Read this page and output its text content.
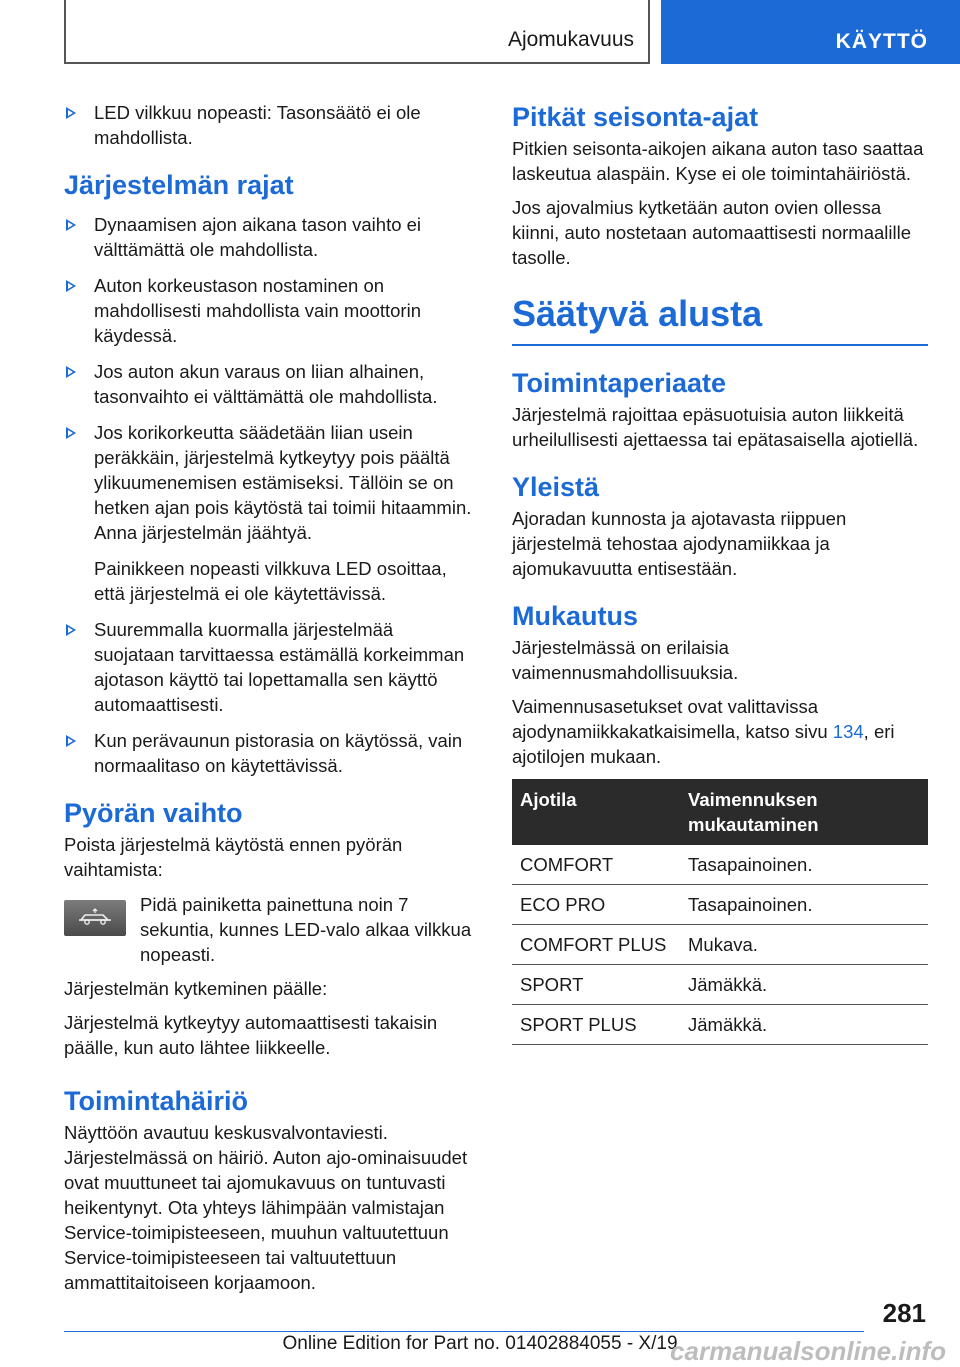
Ajomukavuus	KÄYTTÖ

LED vilkkuu nopeasti: Tasonsäätö ei ole mahdollista.

Järjestelmän rajat

Dynaamisen ajon aikana tason vaihto ei välttämättä ole mahdollista.

Auton korkeustason nostaminen on mahdollisesti mahdollista vain moottorin käydessä.

Jos auton akun varaus on liian alhainen, tasonvaihto ei välttämättä ole mahdollista.

Jos korikorkeutta säädetään liian usein peräkkäin, järjestelmä kytkeytyy pois päältä ylikuumenemisen estämiseksi. Tällöin se on hetken ajan pois käytöstä tai toimii hitaammin. Anna järjestelmän jäähtyä.

Painikkeen nopeasti vilkkuva LED osoittaa, että järjestelmä ei ole käytettävissä.

Suuremmalla kuormalla järjestelmää suojataan tarvittaessa estämällä korkeimman ajotason käyttö tai lopettamalla sen käyttö automaattisesti.

Kun perävaunun pistorasia on käytössä, vain normaalitaso on käytettävissä.

Pyörän vaihto

Poista järjestelmä käytöstä ennen pyörän vaihtamista:

Pidä painiketta painettuna noin 7 sekuntia, kunnes LED-valo alkaa vilkkua nopeasti.

Järjestelmän kytkeminen päälle:

Järjestelmä kytkeytyy automaattisesti takaisin päälle, kun auto lähtee liikkeelle.

Toimintahäiriö

Näyttöön avautuu keskusvalvontaviesti. Järjestelmässä on häiriö. Auton ajo-ominaisuudet ovat muuttuneet tai ajomukavuus on tuntuvasti heikentynyt. Ota yhteys lähimpään valmistajan Service-toimipisteeseen, muuhun valtuutettuun Service-toimipisteeseen tai valtuutettuun ammattitaitoiseen korjaamoon.

Pitkät seisonta-ajat

Pitkien seisonta-aikojen aikana auton taso saattaa laskeutua alaspäin. Kyse ei ole toimintahäiriöstä.

Jos ajovalmius kytketään auton ovien ollessa kiinni, auto nostetaan automaattisesti normaalille tasolle.

Säätyvä alusta
Toimintaperiaate

Järjestelmä rajoittaa epäsuotuisia auton liikkeitä urheilullisesti ajettaessa tai epätasaisella ajotiellä.

Yleistä

Ajoradan kunnosta ja ajotavasta riippuen järjestelmä tehostaa ajodynamiikkaa ja ajomukavuutta entisestään.

Mukautus

Järjestelmässä on erilaisia vaimennusmahdollisuuksia.

Vaimennusasetukset ovat valittavissa ajodynamiikkakatkaisimella, katso sivu 134, eri ajotilojen mukaan.

Ajotila	Vaimennuksen mukautaminen
COMFORT	Tasapainoinen.
ECO PRO	Tasapainoinen.
COMFORT PLUS	Mukava.
SPORT	Jämäkkä.
SPORT PLUS	Jämäkkä.
281
Online Edition for Part no. 01402884055 - X/19
carmanualsonline.info
